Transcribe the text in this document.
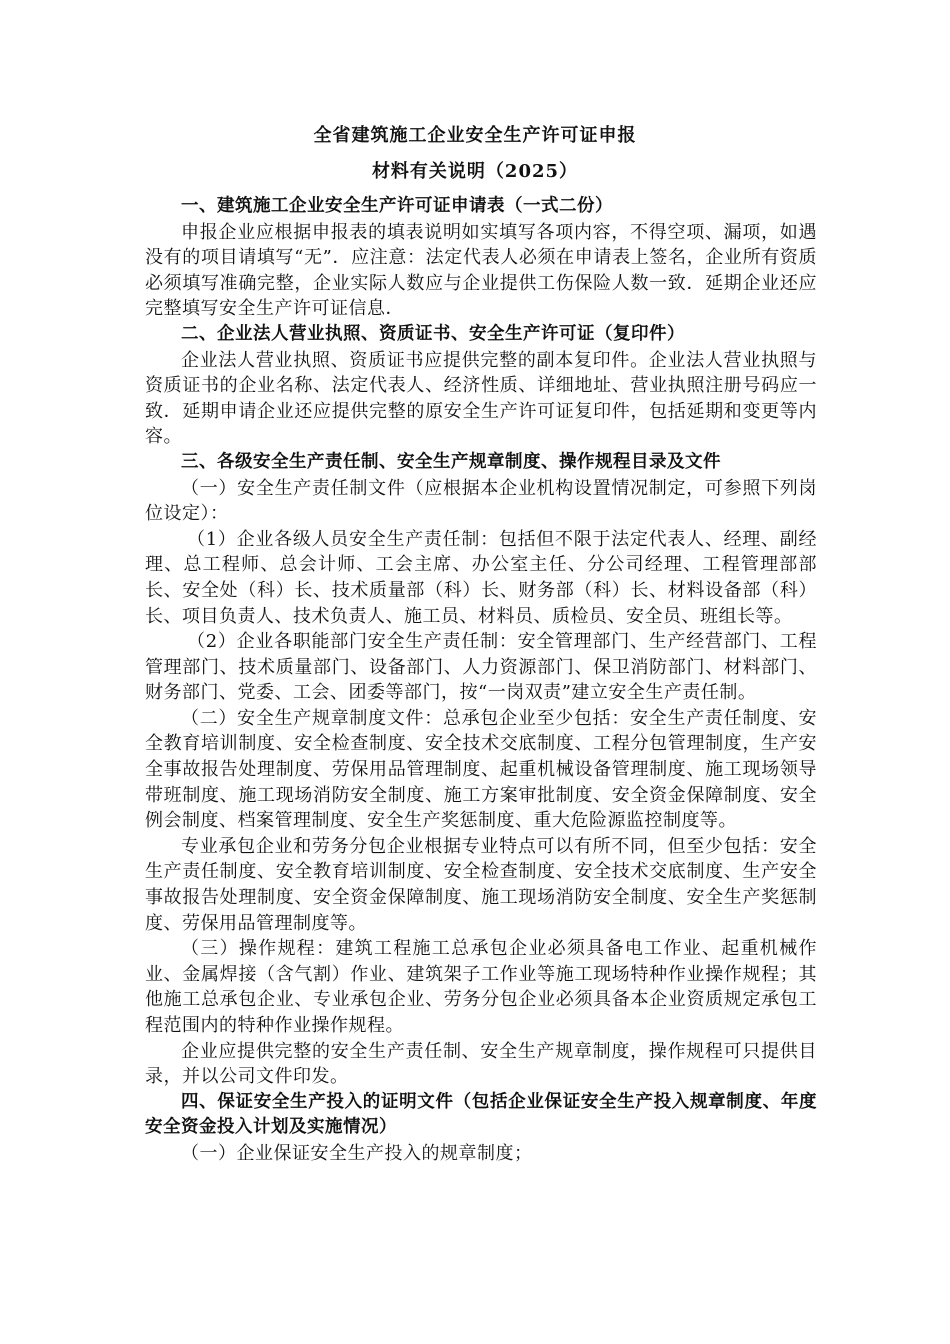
全省建筑施工企业安全生产许可证申报
材料有关说明（2025）

一、建筑施工企业安全生产许可证申请表（一式二份）

申报企业应根据申报表的填表说明如实填写各项内容，不得空项、漏项，如遇没有的项目请填写“无”．应注意：法定代表人必须在申请表上签名，企业所有资质必须填写准确完整，企业实际人数应与企业提供工伤保险人数一致．延期企业还应完整填写安全生产许可证信息．

二、企业法人营业执照、资质证书、安全生产许可证（复印件）

企业法人营业执照、资质证书应提供完整的副本复印件。企业法人营业执照与资质证书的企业名称、法定代表人、经济性质、详细地址、营业执照注册号码应一致．延期申请企业还应提供完整的原安全生产许可证复印件，包括延期和变更等内容。

三、各级安全生产责任制、安全生产规章制度、操作规程目录及文件

（一）安全生产责任制文件（应根据本企业机构设置情况制定，可参照下列岗位设定）：

（1）企业各级人员安全生产责任制：包括但不限于法定代表人、经理、副经理、总工程师、总会计师、工会主席、办公室主任、分公司经理、工程管理部部长、安全处（科）长、技术质量部（科）长、财务部（科）长、材料设备部（科）长、项目负责人、技术负责人、施工员、材料员、质检员、安全员、班组长等。

（2）企业各职能部门安全生产责任制：安全管理部门、生产经营部门、工程管理部门、技术质量部门、设备部门、人力资源部门、保卫消防部门、材料部门、财务部门、党委、工会、团委等部门，按“一岗双责”建立安全生产责任制。

（二）安全生产规章制度文件：总承包企业至少包括：安全生产责任制度、安全教育培训制度、安全检查制度、安全技术交底制度、工程分包管理制度，生产安全事故报告处理制度、劳保用品管理制度、起重机械设备管理制度、施工现场领导带班制度、施工现场消防安全制度、施工方案审批制度、安全资金保障制度、安全例会制度、档案管理制度、安全生产奖惩制度、重大危险源监控制度等。

专业承包企业和劳务分包企业根据专业特点可以有所不同，但至少包括：安全生产责任制度、安全教育培训制度、安全检查制度、安全技术交底制度、生产安全事故报告处理制度、安全资金保障制度、施工现场消防安全制度、安全生产奖惩制度、劳保用品管理制度等。

（三）操作规程：建筑工程施工总承包企业必须具备电工作业、起重机械作业、金属焊接（含气割）作业、建筑架子工作业等施工现场特种作业操作规程；其他施工总承包企业、专业承包企业、劳务分包企业必须具备本企业资质规定承包工程范围内的特种作业操作规程。

企业应提供完整的安全生产责任制、安全生产规章制度，操作规程可只提供目录，并以公司文件印发。

四、保证安全生产投入的证明文件（包括企业保证安全生产投入规章制度、年度安全资金投入计划及实施情况）

（一）企业保证安全生产投入的规章制度；
